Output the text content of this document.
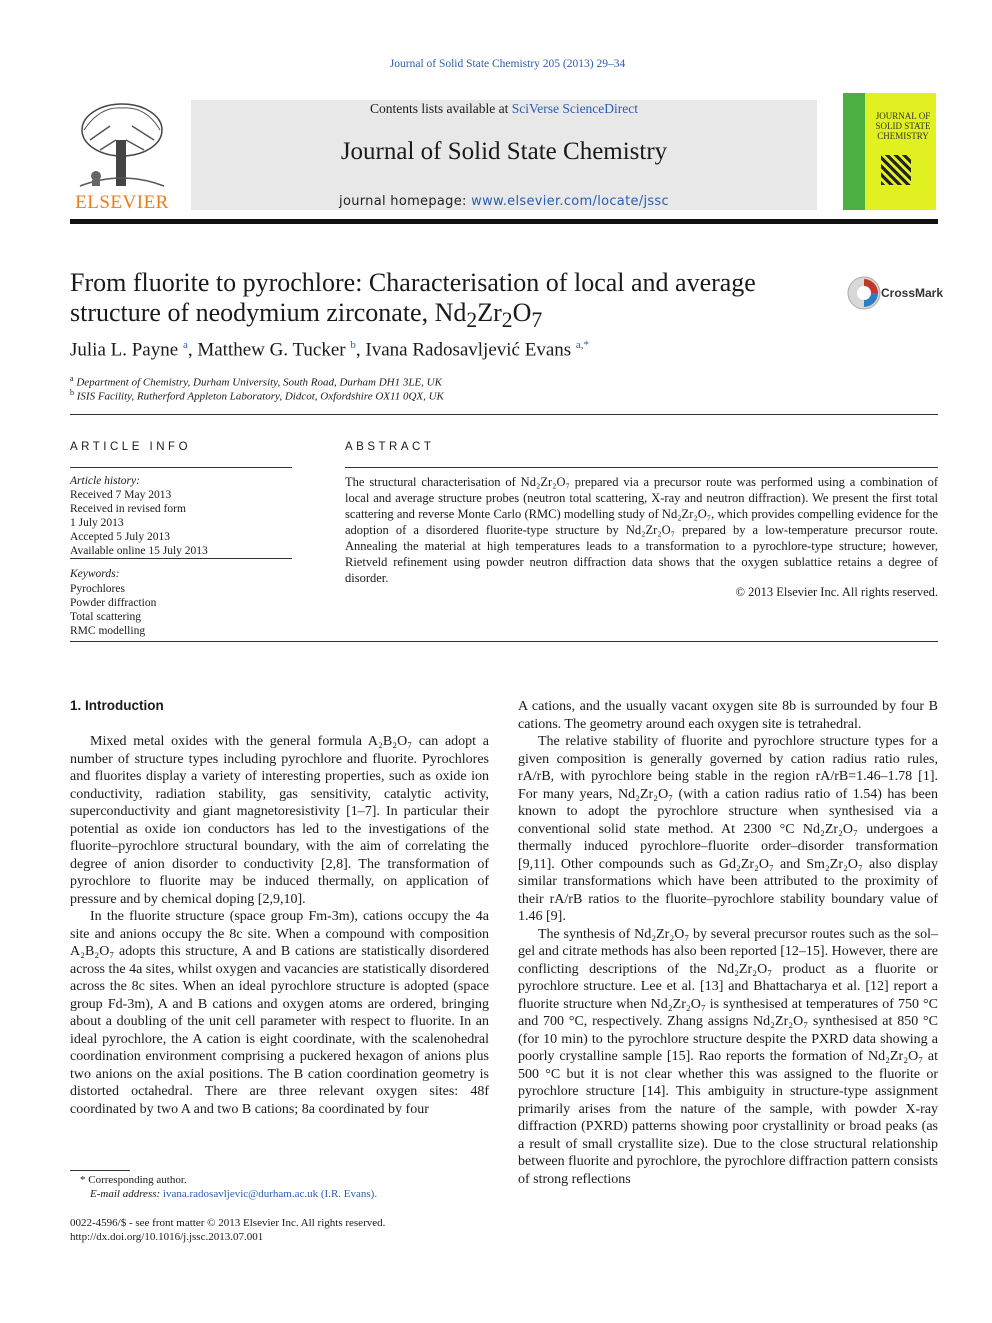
Journal of Solid State Chemistry 205 (2013) 29–34
ELSEVIER
Contents lists available at SciVerse ScienceDirect
Journal of Solid State Chemistry
journal homepage: www.elsevier.com/locate/jssc
JOURNAL OF SOLID STATE CHEMISTRY
From fluorite to pyrochlore: Characterisation of local and average
structure of neodymium zirconate, $Nd_2Zr_2O_7$
CrossMark
Julia L. Payne $^a$, Matthew G. Tucker $^b$, Ivana Radosavljević Evans $^{a,*}$
$^a$ Department of Chemistry, Durham University, South Road, Durham DH1 3LE, UK
$^b$ ISIS Facility, Rutherford Appleton Laboratory, Didcot, Oxfordshire OX11 0QX, UK
ARTICLE INFO
Article history:
Received 7 May 2013
Received in revised form
1 July 2013
Accepted 5 July 2013
Available online 15 July 2013
Keywords:
Pyrochlores
Powder diffraction
Total scattering
RMC modelling
ABSTRACT
The structural characterisation of Nd₂Zr₂O₇ prepared via a precursor route was performed using a combination of local and average structure probes (neutron total scattering, X-ray and neutron diffraction). We present the first total scattering and reverse Monte Carlo (RMC) modelling study of Nd₂Zr₂O₇, which provides compelling evidence for the adoption of a disordered fluorite-type structure by Nd₂Zr₂O₇ prepared by a low-temperature precursor route. Annealing the material at high temperatures leads to a transformation to a pyrochlore-type structure; however, Rietveld refinement using powder neutron diffraction data shows that the oxygen sublattice retains a degree of disorder.
© 2013 Elsevier Inc. All rights reserved.
1. Introduction

Mixed metal oxides with the general formula A₂B₂O₇ can adopt a number of structure types including pyrochlore and fluorite. Pyrochlores and fluorites display a variety of interesting properties, such as oxide ion conductivity, radiation stability, gas sensitivity, catalytic activity, superconductivity and giant magnetoresistivity [1–7]. In particular their potential as oxide ion conductors has led to the investigations of the fluorite–pyrochlore structural boundary, with the aim of correlating the degree of anion disorder to conductivity [2,8]. The transformation of pyrochlore to fluorite may be induced thermally, on application of pressure and by chemical doping [2,9,10].

In the fluorite structure (space group Fm-3m), cations occupy the 4a site and anions occupy the 8c site. When a compound with composition A₂B₂O₇ adopts this structure, A and B cations are statistically disordered across the 4a sites, whilst oxygen and vacancies are statistically disordered across the 8c sites. When an ideal pyrochlore structure is adopted (space group Fd-3m), A and B cations and oxygen atoms are ordered, bringing about a doubling of the unit cell parameter with respect to fluorite. In an ideal pyrochlore, the A cation is eight coordinate, with the scalenohedral coordination environment comprising a puckered hexagon of anions plus two anions on the axial positions. The B cation coordination geometry is distorted octahedral. There are three relevant oxygen sites: 48f coordinated by two A and two B cations; 8a coordinated by four

A cations, and the usually vacant oxygen site 8b is surrounded by four B cations. The geometry around each oxygen site is tetrahedral.

The relative stability of fluorite and pyrochlore structure types for a given composition is generally governed by cation radius ratio rules, rA/rB, with pyrochlore being stable in the region rA/rB=1.46–1.78 [1]. For many years, Nd₂Zr₂O₇ (with a cation radius ratio of 1.54) has been known to adopt the pyrochlore structure when synthesised via a conventional solid state method. At 2300 °C Nd₂Zr₂O₇ undergoes a thermally induced pyrochlore–fluorite order–disorder transformation [9,11]. Other compounds such as Gd₂Zr₂O₇ and Sm₂Zr₂O₇ also display similar transformations which have been attributed to the proximity of their rA/rB ratios to the fluorite–pyrochlore stability boundary value of 1.46 [9].

The synthesis of Nd₂Zr₂O₇ by several precursor routes such as the sol–gel and citrate methods has also been reported [12–15]. However, there are conflicting descriptions of the Nd₂Zr₂O₇ product as a fluorite or pyrochlore structure. Lee et al. [13] and Bhattacharya et al. [12] report a fluorite structure when Nd₂Zr₂O₇ is synthesised at temperatures of 750 °C and 700 °C, respectively. Zhang assigns Nd₂Zr₂O₇ synthesised at 850 °C (for 10 min) to the pyrochlore structure despite the PXRD data showing a poorly crystalline sample [15]. Rao reports the formation of Nd₂Zr₂O₇ at 500 °C but it is not clear whether this was assigned to the fluorite or pyrochlore structure [14]. This ambiguity in structure-type assignment primarily arises from the nature of the sample, with powder X-ray diffraction (PXRD) patterns showing poor crystallinity or broad peaks (as a result of small crystallite size). Due to the close structural relationship between fluorite and pyrochlore, the pyrochlore diffraction pattern consists of strong reflections

* Corresponding author.
E-mail address: ivana.radosavljevic@durham.ac.uk (I.R. Evans).
0022-4596/$ - see front matter © 2013 Elsevier Inc. All rights reserved.
http://dx.doi.org/10.1016/j.jssc.2013.07.001
